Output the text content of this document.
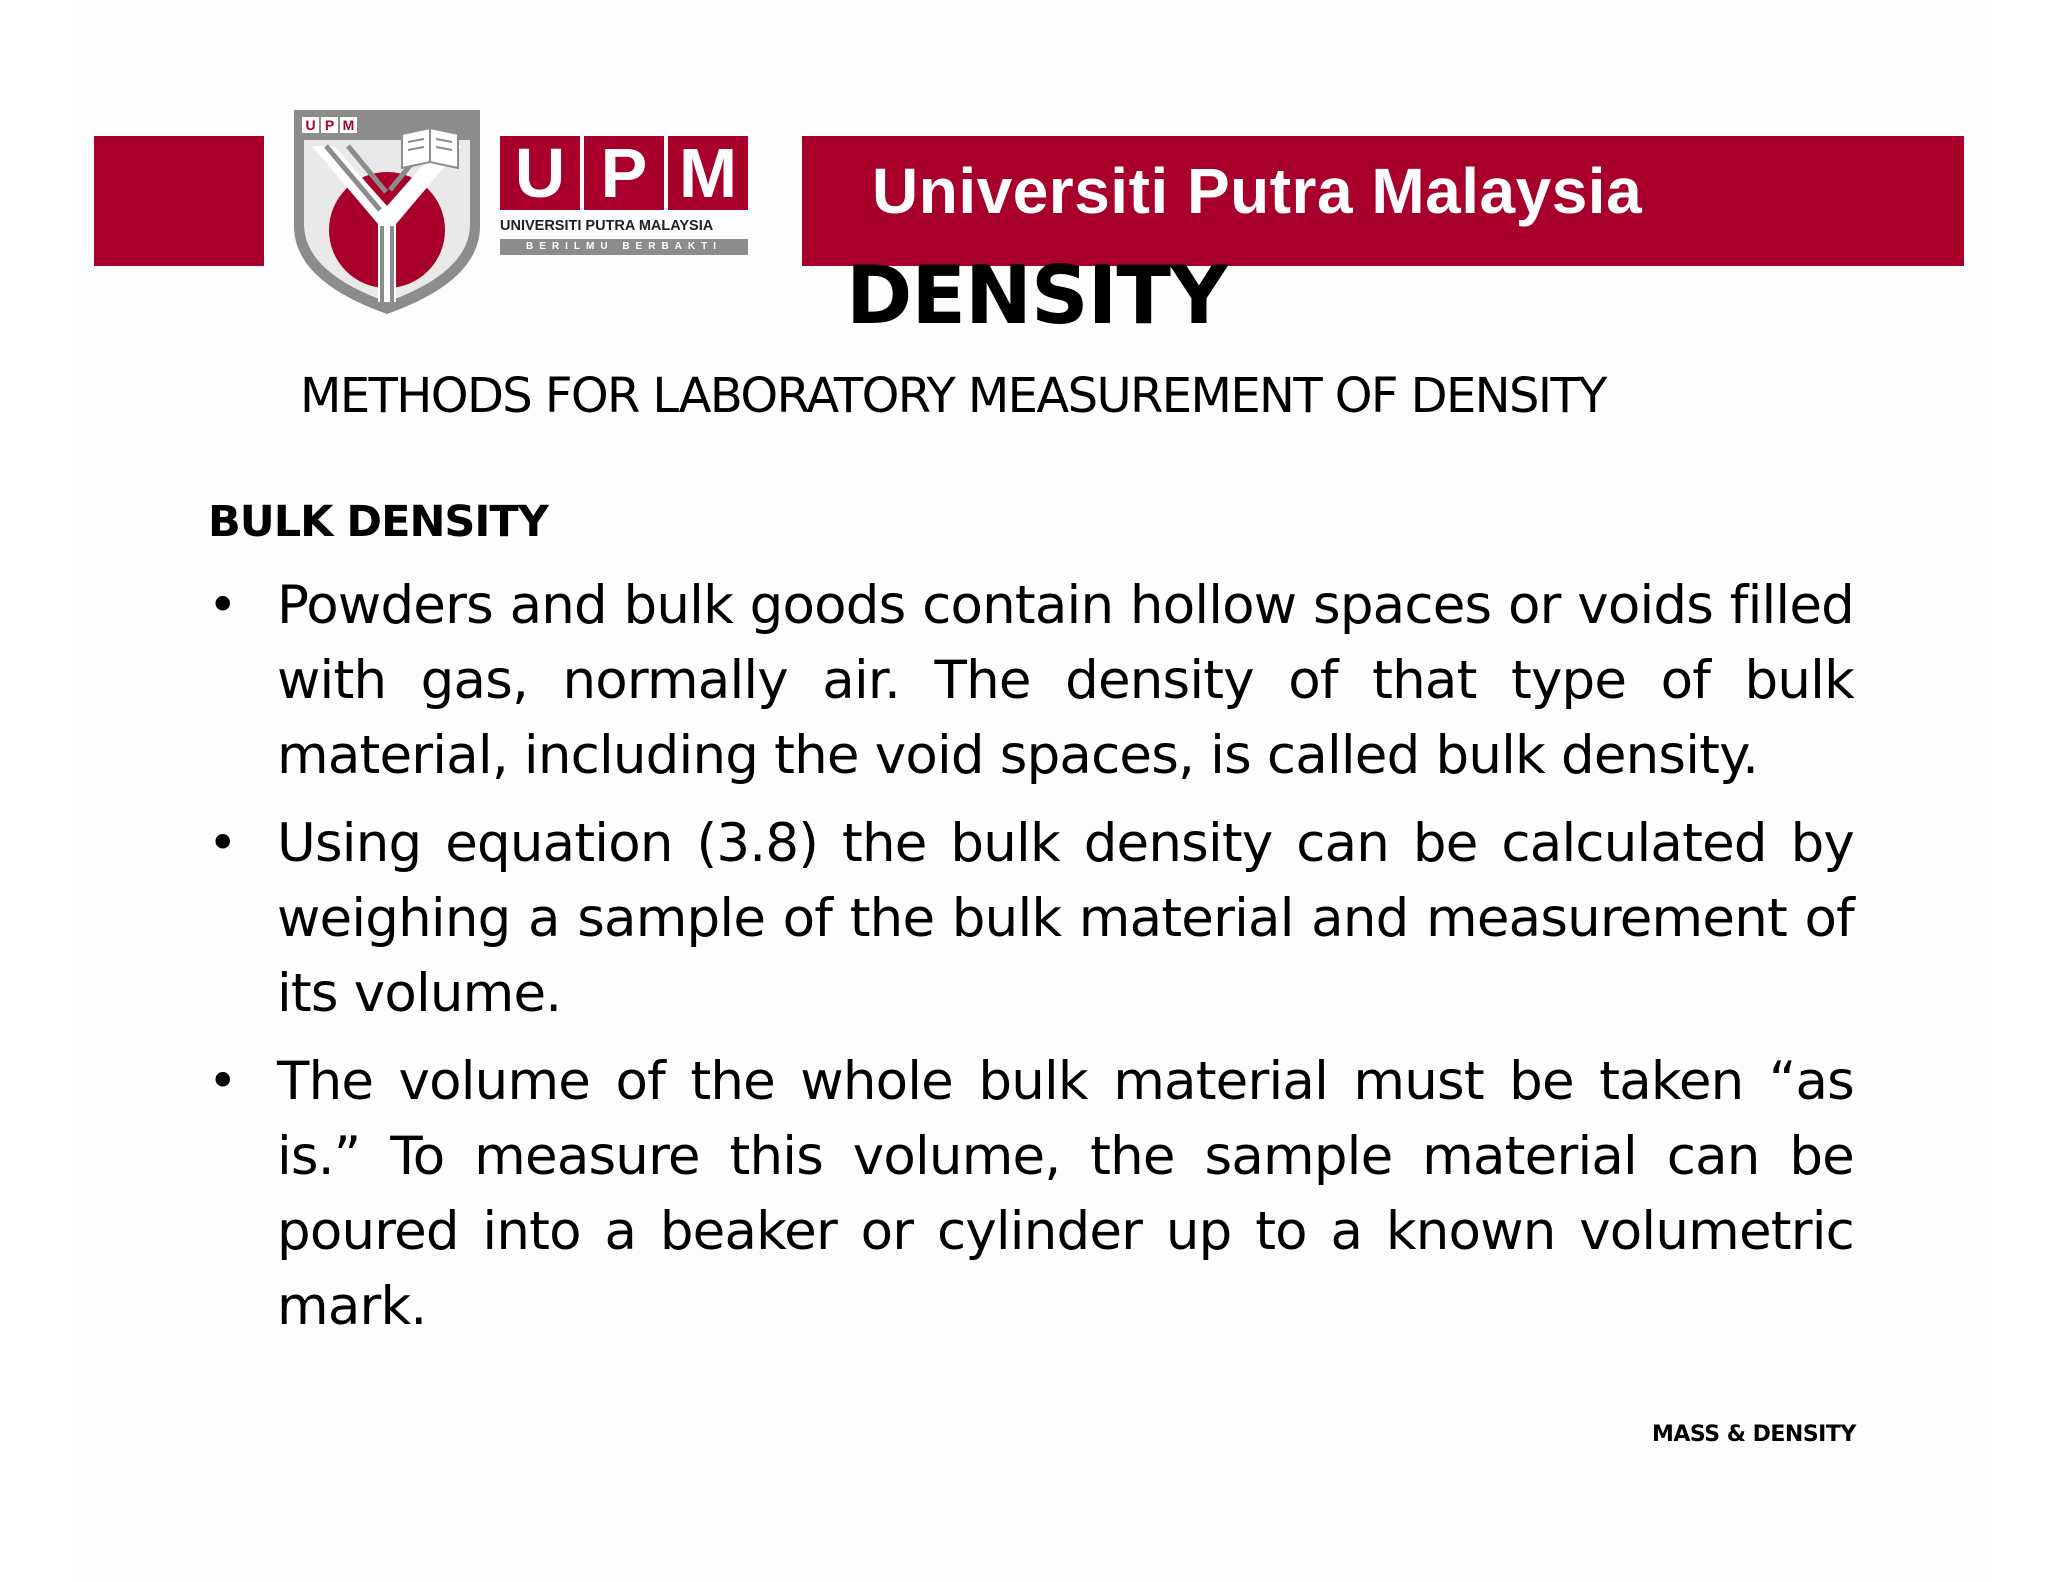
Universiti Putra Malaysia
U P M
U P M
UNIVERSITI PUTRA MALAYSIA
BERILMU BERBAKTI
DENSITY
METHODS FOR LABORATORY MEASUREMENT OF DENSITY
BULK DENSITY
• Powders and bulk goods contain hollow spaces or voids filled with gas, normally air. The density of that type of bulk material, including the void spaces, is called bulk density.
• Using equation (3.8) the bulk density can be calculated by weighing a sample of the bulk material and measurement of its volume.
• The volume of the whole bulk material must be taken “as is.” To measure this volume, the sample material can be poured into a beaker or cylinder up to a known volumetric mark.
MASS & DENSITY
